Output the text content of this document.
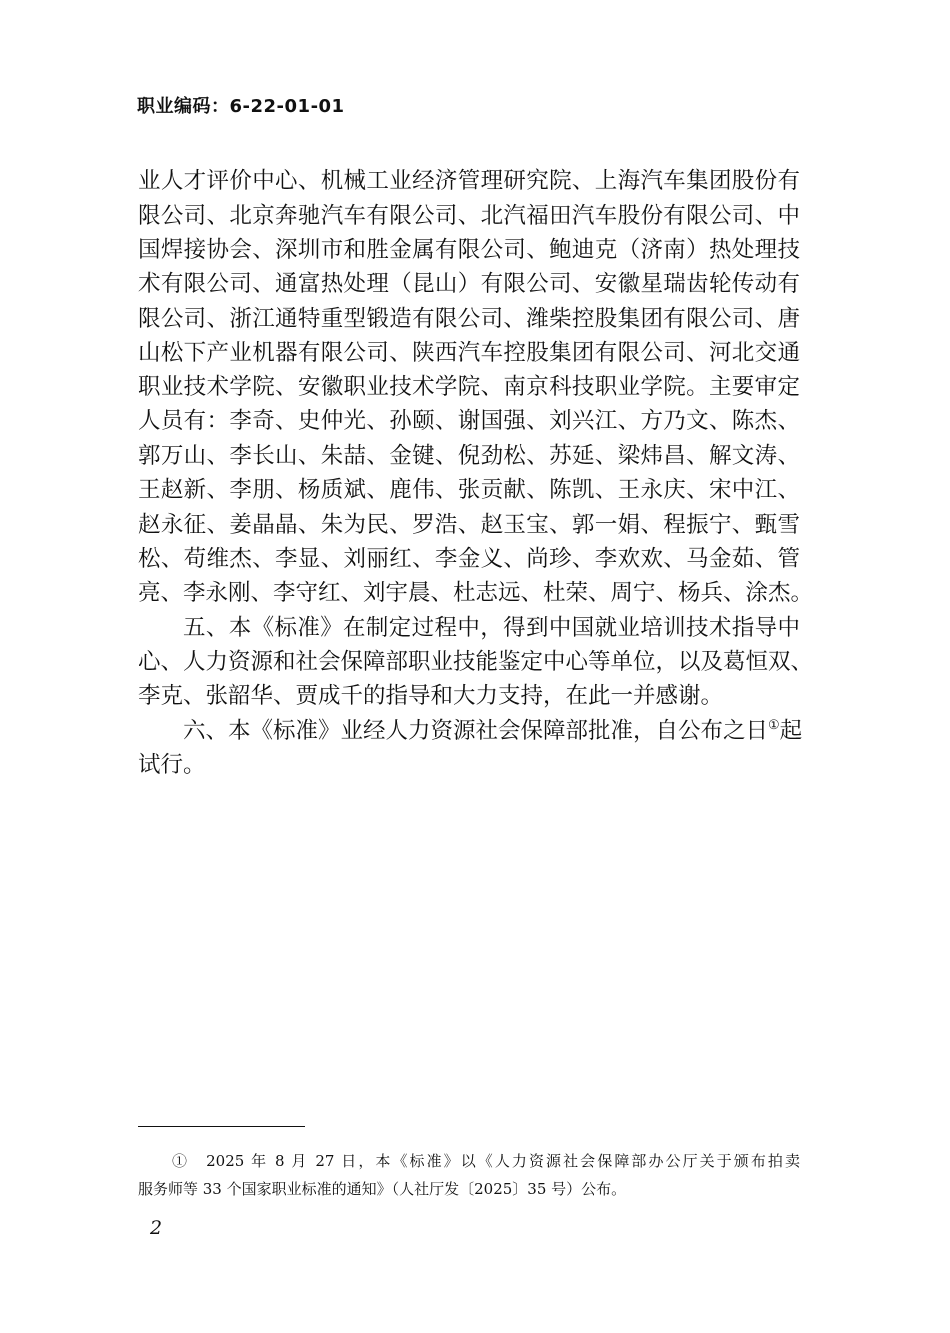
职业编码：6-22-01-01
业人才评价中心、机械工业经济管理研究院、上海汽车集团股份有
限公司、北京奔驰汽车有限公司、北汽福田汽车股份有限公司、中
国焊接协会、深圳市和胜金属有限公司、鲍迪克（济南）热处理技
术有限公司、通富热处理（昆山）有限公司、安徽星瑞齿轮传动有
限公司、浙江通特重型锻造有限公司、潍柴控股集团有限公司、唐
山松下产业机器有限公司、陕西汽车控股集团有限公司、河北交通
职业技术学院、安徽职业技术学院、南京科技职业学院。主要审定
人员有：李奇、史仲光、孙颐、谢国强、刘兴江、方乃文、陈杰、
郭万山、李长山、朱喆、金键、倪劲松、苏延、梁炜昌、解文涛、
王赵新、李朋、杨质斌、鹿伟、张贡献、陈凯、王永庆、宋中江、
赵永征、姜晶晶、朱为民、罗浩、赵玉宝、郭一娟、程振宁、甄雪
松、苟维杰、李显、刘丽红、李金义、尚珍、李欢欢、马金茹、管
亮、李永刚、李守红、刘宇晨、杜志远、杜荣、周宁、杨兵、涂杰。
五、本《标准》在制定过程中，得到中国就业培训技术指导中
心、人力资源和社会保障部职业技能鉴定中心等单位，以及葛恒双、
李克、张韶华、贾成千的指导和大力支持，在此一并感谢。
六、本《标准》业经人力资源社会保障部批准，自公布之日①起
试行。
①　2025 年 8 月 27 日，本《标准》以《人力资源社会保障部办公厅关于颁布拍卖
服务师等 33 个国家职业标准的通知》（人社厅发〔2025〕35 号）公布。
2
